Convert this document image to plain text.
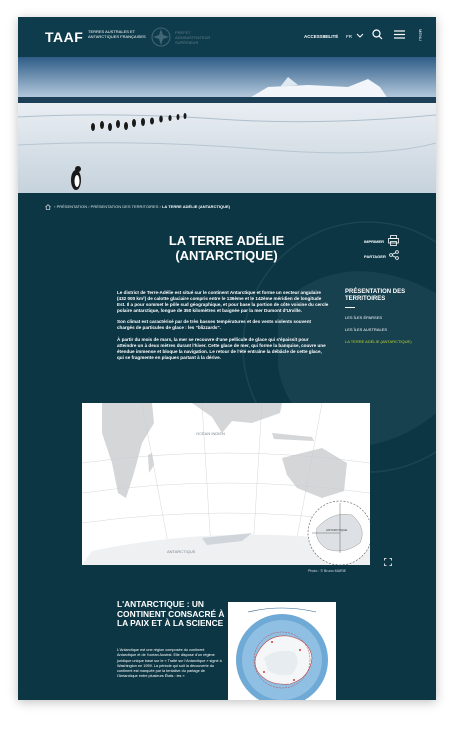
TAAF TERRES AUSTRALES ET ANTARCTIQUES FRANÇAISES
PRÉFET ADMINISTRATEUR SUPÉRIEUR
ACCESSIBILITÉ FR	MENU
› PRÉSENTATION › PRÉSENTATION DES TERRITOIRES › LA TERRE ADÉLIE (ANTARCTIQUE)
LA TERRE ADÉLIE
(ANTARCTIQUE)
IMPRIMER
PARTAGER

Le district de Terre-Adélie est situé sur le continent Antarctique et forme un secteur angulaire (432 000 km²) de calotte glaciaire compris entre le 136ème et le 142ème méridien de longitude Est. Il a pour sommet le pôle sud géographique, et pour base la portion de côte voisine du cercle polaire antarctique, longue de 350 kilomètres et baignée par la mer Dumont d'Urville.

Son climat est caractérisé par de très basses températures et des vents violents souvent chargés de particules de glace : les "blizzards".

À partir du mois de mars, la mer se recouvre d'une pellicule de glace qui s'épaissit pour atteindre un à deux mètres durant l'hiver. Cette glace de mer, qui forme la banquise, couvre une étendue immense et bloque la navigation. Le retour de l'été entraîne la débâcle de cette glace, qui se fragmente en plaques partant à la dérive.

PRÉSENTATION DES TERRITOIRES
LES ÎLES ÉPARSES
LES ÎLES AUSTRALES
LA TERRE ADÉLIE (ANTARCTIQUE)
OCÉAN INDIEN
ANTARCTIQUE
ANTARCTIQUE
Photo : © Bruno MARIE
L'ANTARCTIQUE : UN CONTINENT CONSACRÉ À LA PAIX ET À LA SCIENCE
L'Antarctique est une région composée du continent Antarctique et de l'océan Austral. Elle dispose d'un régime juridique unique basé sur le « Traité sur l'Antarctique » signé à Washington en 1959. La période qui suit la découverte du continent est marquée par la tentative du partage de l'Antarctique entre plusieurs États : les «
